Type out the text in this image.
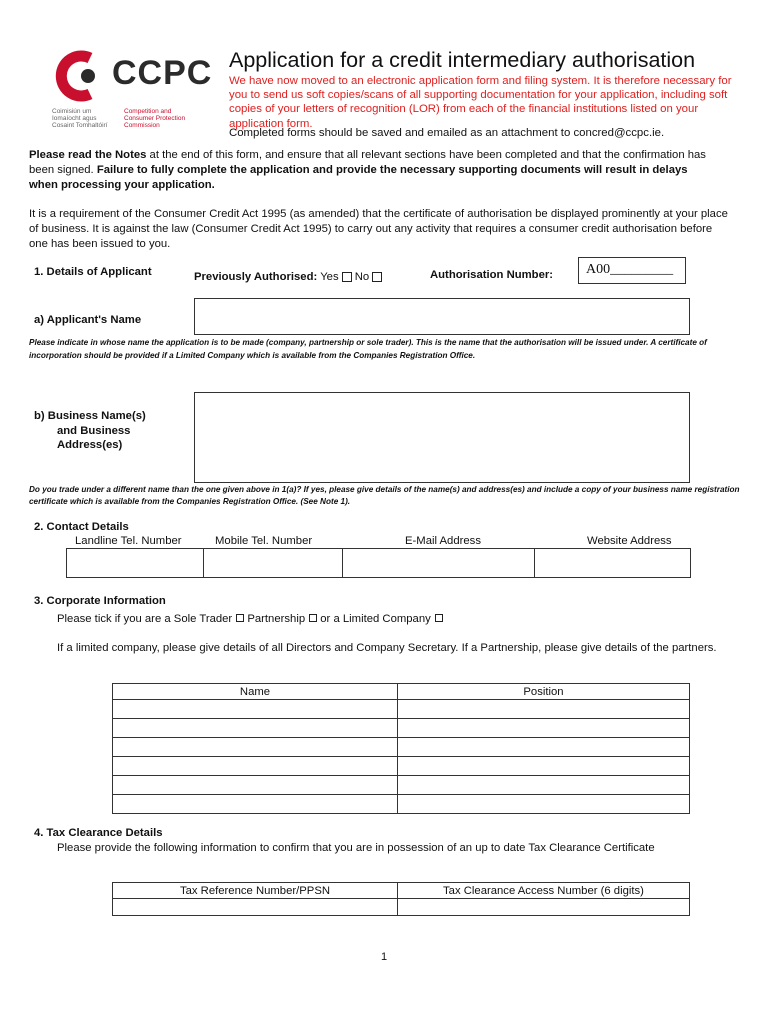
CCPC
Coimisiún um
Iomaíocht agus
Cosaint Tomhaltóirí
Competition and
Consumer Protection
Commission
Application for a credit intermediary authorisation
We have now moved to an electronic application form and filing system. It is therefore necessary for you to send us soft copies/scans of all supporting documentation for your application, including soft copies of your letters of recognition (LOR) from each of the financial institutions listed on your application form.
Completed forms should be saved and emailed as an attachment to concred@ccpc.ie.
Please read the Notes at the end of this form, and ensure that all relevant sections have been completed and that the confirmation has been signed. Failure to fully complete the application and provide the necessary supporting documents will result in delays when processing your application.
It is a requirement of the Consumer Credit Act 1995 (as amended) that the certificate of authorisation be displayed prominently at your place of business. It is against the law (Consumer Credit Act 1995) to carry out any activity that requires a consumer credit authorisation before one has been issued to you.
1. Details of Applicant	Previously Authorised: Yes No	Authorisation Number:	A00_________
a) Applicant's Name
Please indicate in whose name the application is to be made (company, partnership or sole trader). This is the name that the authorisation will be issued under. A certificate of incorporation should be provided if a Limited Company which is available from the Companies Registration Office.
b) Business Name(s)
and Business
Address(es)
Do you trade under a different name than the one given above in 1(a)? If yes, please give details of the name(s) and address(es) and include a copy of your business name registration certificate which is available from the Companies Registration Office. (See Note 1).
2. Contact Details
Landline Tel. Number	Mobile Tel. Number	E-Mail Address	Website Address

3. Corporate Information
Please tick if you are a Sole Trader Partnership or a Limited Company
If a limited company, please give details of all Directors and Company Secretary. If a Partnership, please give details of the partners.
Name	Position

4. Tax Clearance Details
Please provide the following information to confirm that you are in possession of an up to date Tax Clearance Certificate
Tax Reference Number/PPSN	Tax Clearance Access Number (6 digits)

1
